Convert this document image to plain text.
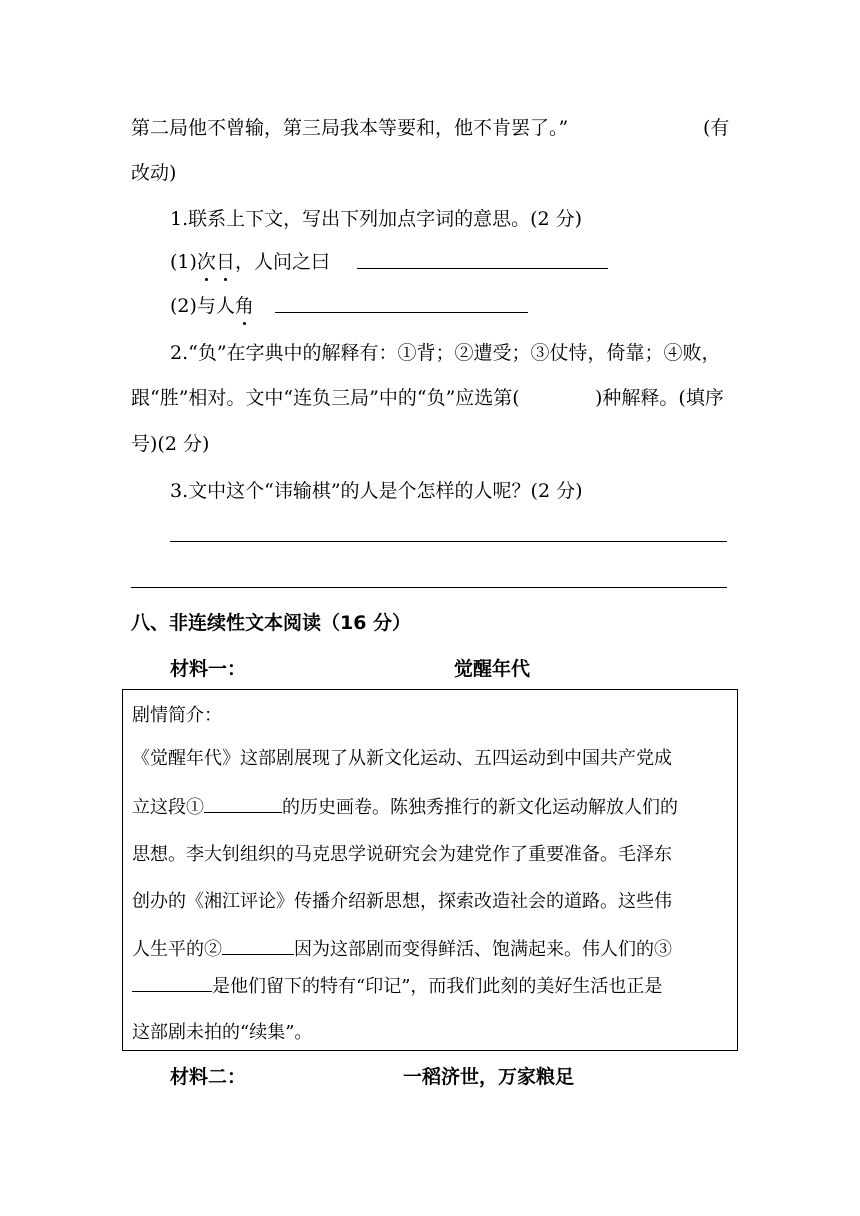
第二局他不曾输，第三局我本等要和，他不肯罢了。”	(有
改动)
1.联系上下文，写出下列加点字词的意思。(2 分)
(1)次日，人问之曰
(2)与人角
2.“负”在字典中的解释有：①背；②遭受；③仗恃，倚靠；④败，
跟“胜”相对。文中“连负三局”中的“负”应选第(	)种解释。(填序
号)(2 分)
3.文中这个“讳输棋”的人是个怎样的人呢？(2 分)
八、非连续性文本阅读（16 分）
材料一：	觉醒年代
剧情简介：
《觉醒年代》这部剧展现了从新文化运动、五四运动到中国共产党成
立这段①	的历史画卷。陈独秀推行的新文化运动解放人们的
思想。李大钊组织的马克思学说研究会为建党作了重要准备。毛泽东
创办的《湘江评论》传播介绍新思想，探索改造社会的道路。这些伟
人生平的②	因为这部剧而变得鲜活、饱满起来。伟人们的③
是他们留下的特有“印记”，而我们此刻的美好生活也正是
这部剧未拍的“续集”。
材料二：	一稻济世，万家粮足
